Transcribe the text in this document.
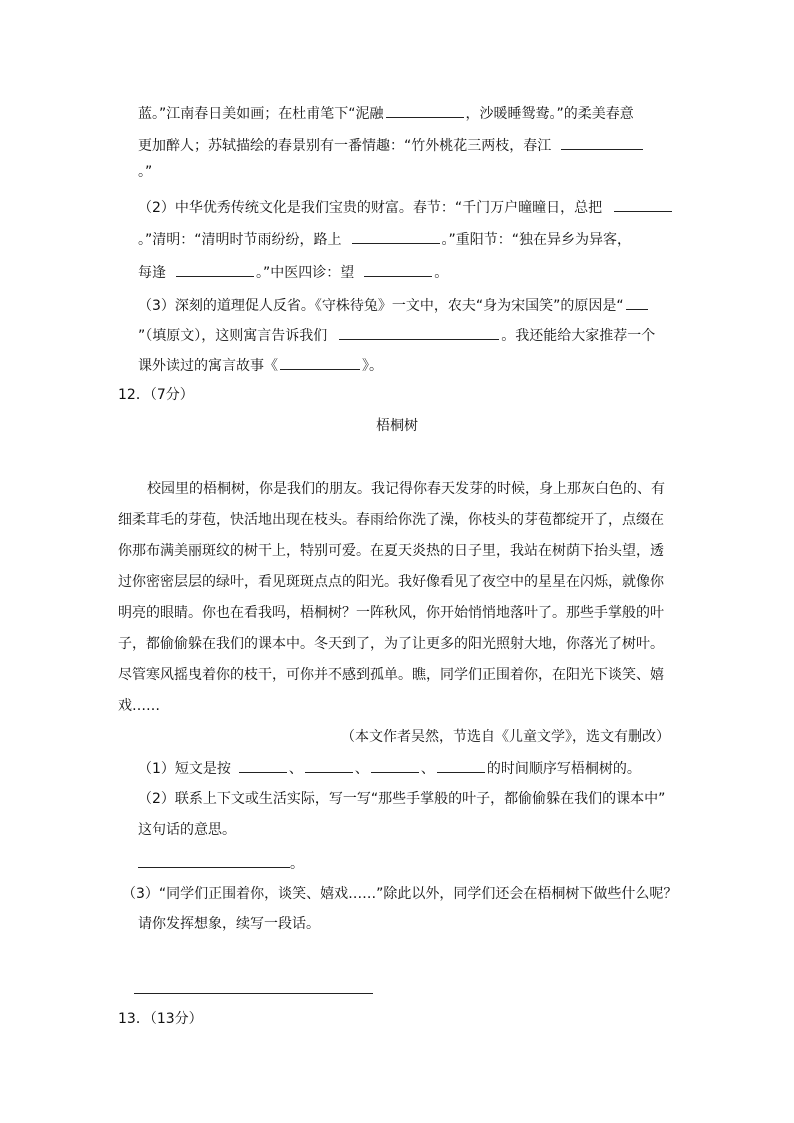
蓝。”江南春日美如画；在杜甫笔下“泥融	，沙暖睡鸳鸯。”的柔美春意
更加醉人；苏轼描绘的春景别有一番情趣：“竹外桃花三两枝，春江
。”
（2）中华优秀传统文化是我们宝贵的财富。春节：“千门万户曈曈日，总把
。”清明：“清明时节雨纷纷，路上	。”重阳节：“独在异乡为异客，
每逢	。”中医四诊：望	。
（3）深刻的道理促人反省。《守株待兔》一文中，农夫“身为宋国笑”的原因是“
”（填原文），这则寓言告诉我们	。我还能给大家推荐一个
课外读过的寓言故事《	》。
12．（7分）
梧桐树
校园里的梧桐树，你是我们的朋友。我记得你春天发芽的时候，身上那灰白色的、有
细柔茸毛的芽苞，快活地出现在枝头。春雨给你洗了澡，你枝头的芽苞都绽开了，点缀在
你那布满美丽斑纹的树干上，特别可爱。在夏天炎热的日子里，我站在树荫下抬头望，透
过你密密层层的绿叶，看见斑斑点点的阳光。我好像看见了夜空中的星星在闪烁，就像你
明亮的眼睛。你也在看我吗，梧桐树？一阵秋风，你开始悄悄地落叶了。那些手掌般的叶
子，都偷偷躲在我们的课本中。冬天到了，为了让更多的阳光照射大地，你落光了树叶。
尽管寒风摇曳着你的枝干，可你并不感到孤单。瞧，同学们正围着你，在阳光下谈笑、嬉
戏……
（本文作者吴然，节选自《儿童文学》，选文有删改）
（1）短文是按	、	、	、	的时间顺序写梧桐树的。
（2）联系上下文或生活实际，写一写“那些手掌般的叶子，都偷偷躲在我们的课本中”
这句话的意思。
。
（3）“同学们正围着你，谈笑、嬉戏……”除此以外，同学们还会在梧桐树下做些什么呢？
请你发挥想象，续写一段话。
13．（13分）
